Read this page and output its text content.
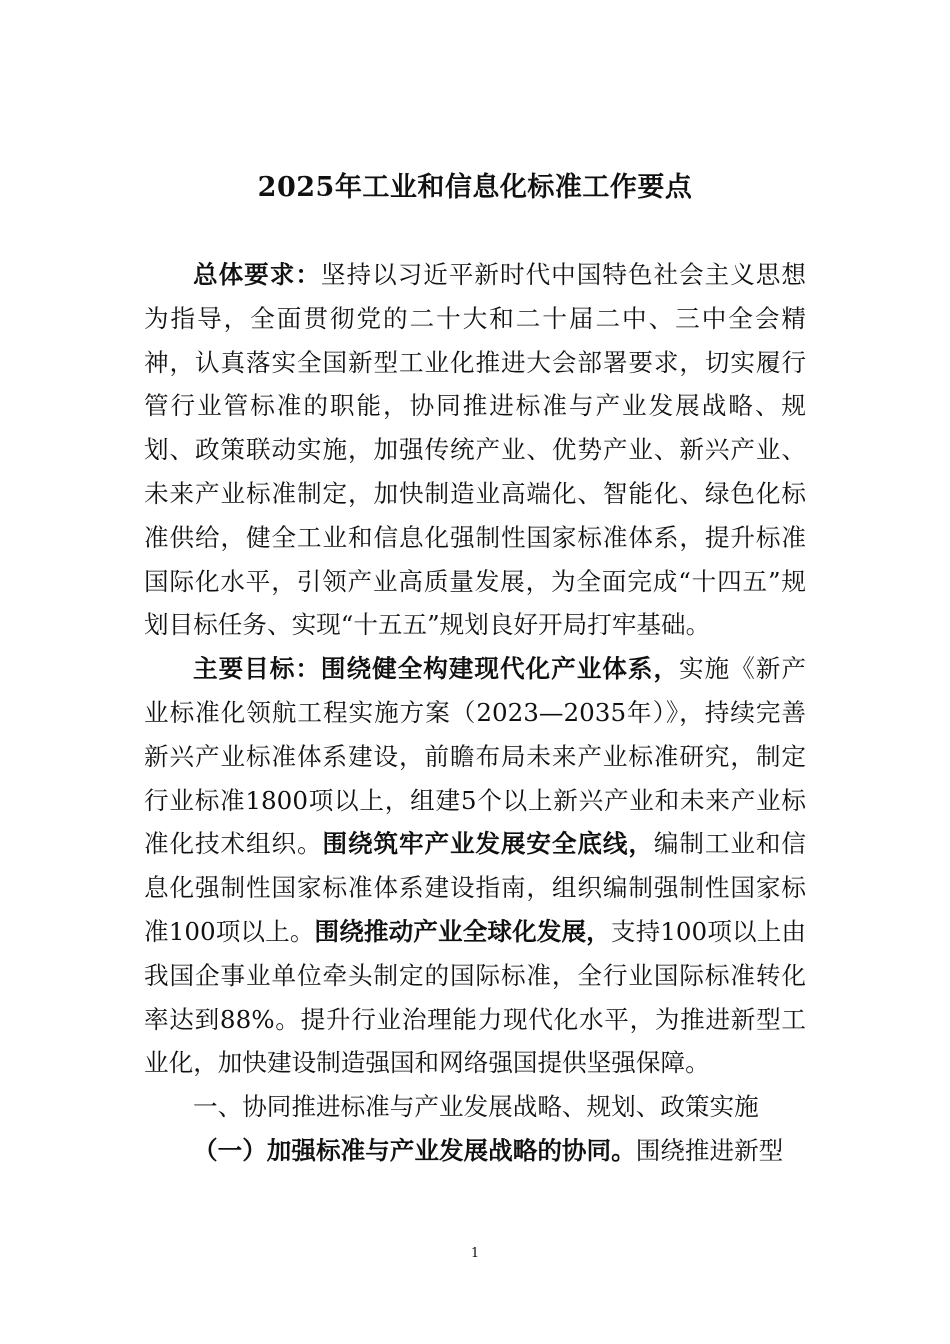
2025年工业和信息化标准工作要点

总体要求：坚持以习近平新时代中国特色社会主义思想为指导，全面贯彻党的二十大和二十届二中、三中全会精神，认真落实全国新型工业化推进大会部署要求，切实履行管行业管标准的职能，协同推进标准与产业发展战略、规划、政策联动实施，加强传统产业、优势产业、新兴产业、未来产业标准制定，加快制造业高端化、智能化、绿色化标准供给，健全工业和信息化强制性国家标准体系，提升标准国际化水平，引领产业高质量发展，为全面完成“十四五”规划目标任务、实现“十五五”规划良好开局打牢基础。

主要目标：围绕健全构建现代化产业体系，实施《新产业标准化领航工程实施方案（2023—2035年）》，持续完善新兴产业标准体系建设，前瞻布局未来产业标准研究，制定行业标准1800项以上，组建5个以上新兴产业和未来产业标准化技术组织。围绕筑牢产业发展安全底线，编制工业和信息化强制性国家标准体系建设指南，组织编制强制性国家标准100项以上。围绕推动产业全球化发展，支持100项以上由我国企事业单位牵头制定的国际标准，全行业国际标准转化率达到88%。提升行业治理能力现代化水平，为推进新型工业化，加快建设制造强国和网络强国提供坚强保障。

一、协同推进标准与产业发展战略、规划、政策实施

（一）加强标准与产业发展战略的协同。围绕推进新型

1
